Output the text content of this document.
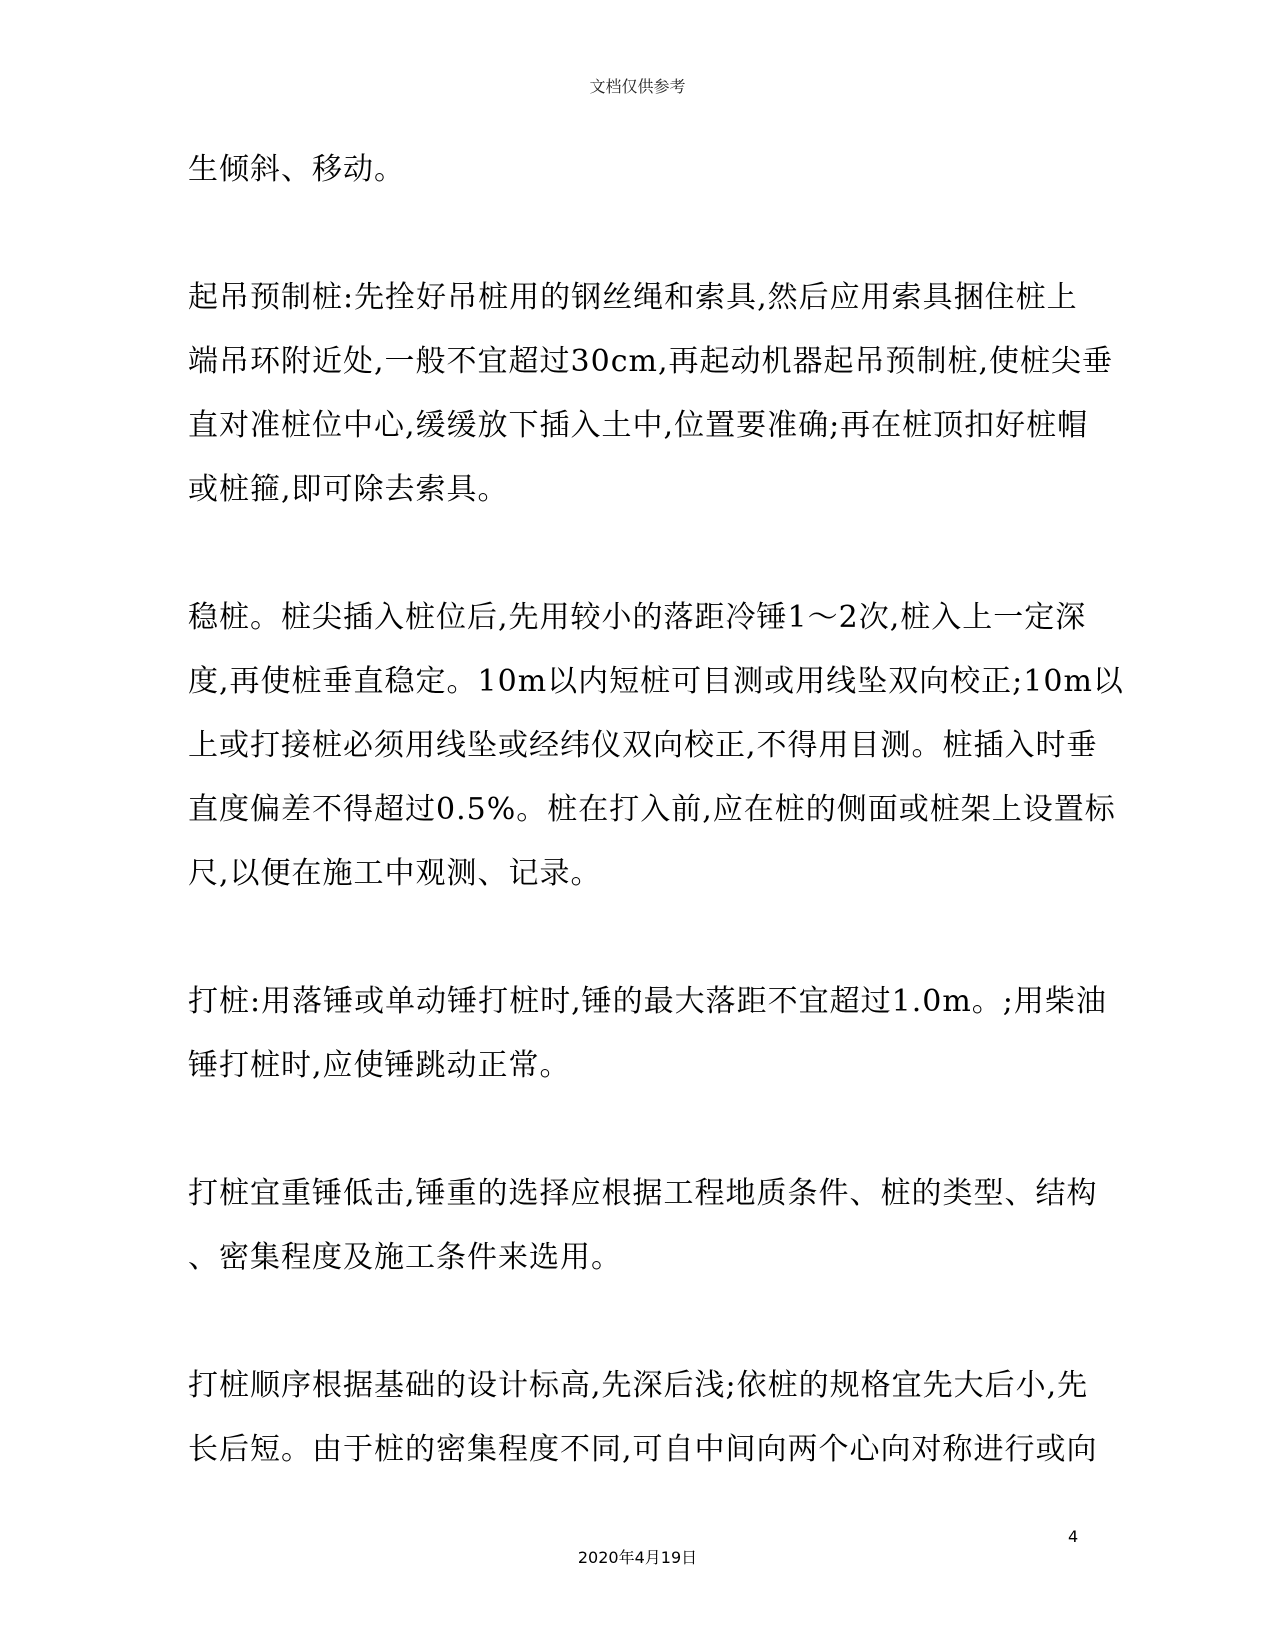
文档仅供参考
生倾斜、移动。
起吊预制桩:先拴好吊桩用的钢丝绳和索具,然后应用索具捆住桩上
端吊环附近处,一般不宜超过30cm,再起动机器起吊预制桩,使桩尖垂
直对准桩位中心,缓缓放下插入土中,位置要准确;再在桩顶扣好桩帽
或桩箍,即可除去索具。
稳桩。桩尖插入桩位后,先用较小的落距冷锤1～2次,桩入上一定深
度,再使桩垂直稳定。10m以内短桩可目测或用线坠双向校正;10m以
上或打接桩必须用线坠或经纬仪双向校正,不得用目测。桩插入时垂
直度偏差不得超过0.5%。桩在打入前,应在桩的侧面或桩架上设置标
尺,以便在施工中观测、记录。
打桩:用落锤或单动锤打桩时,锤的最大落距不宜超过1.0m。;用柴油
锤打桩时,应使锤跳动正常。
打桩宜重锤低击,锤重的选择应根据工程地质条件、桩的类型、结构
、密集程度及施工条件来选用。
打桩顺序根据基础的设计标高,先深后浅;依桩的规格宜先大后小,先
长后短。由于桩的密集程度不同,可自中间向两个心向对称进行或向
4
2020年4月19日
